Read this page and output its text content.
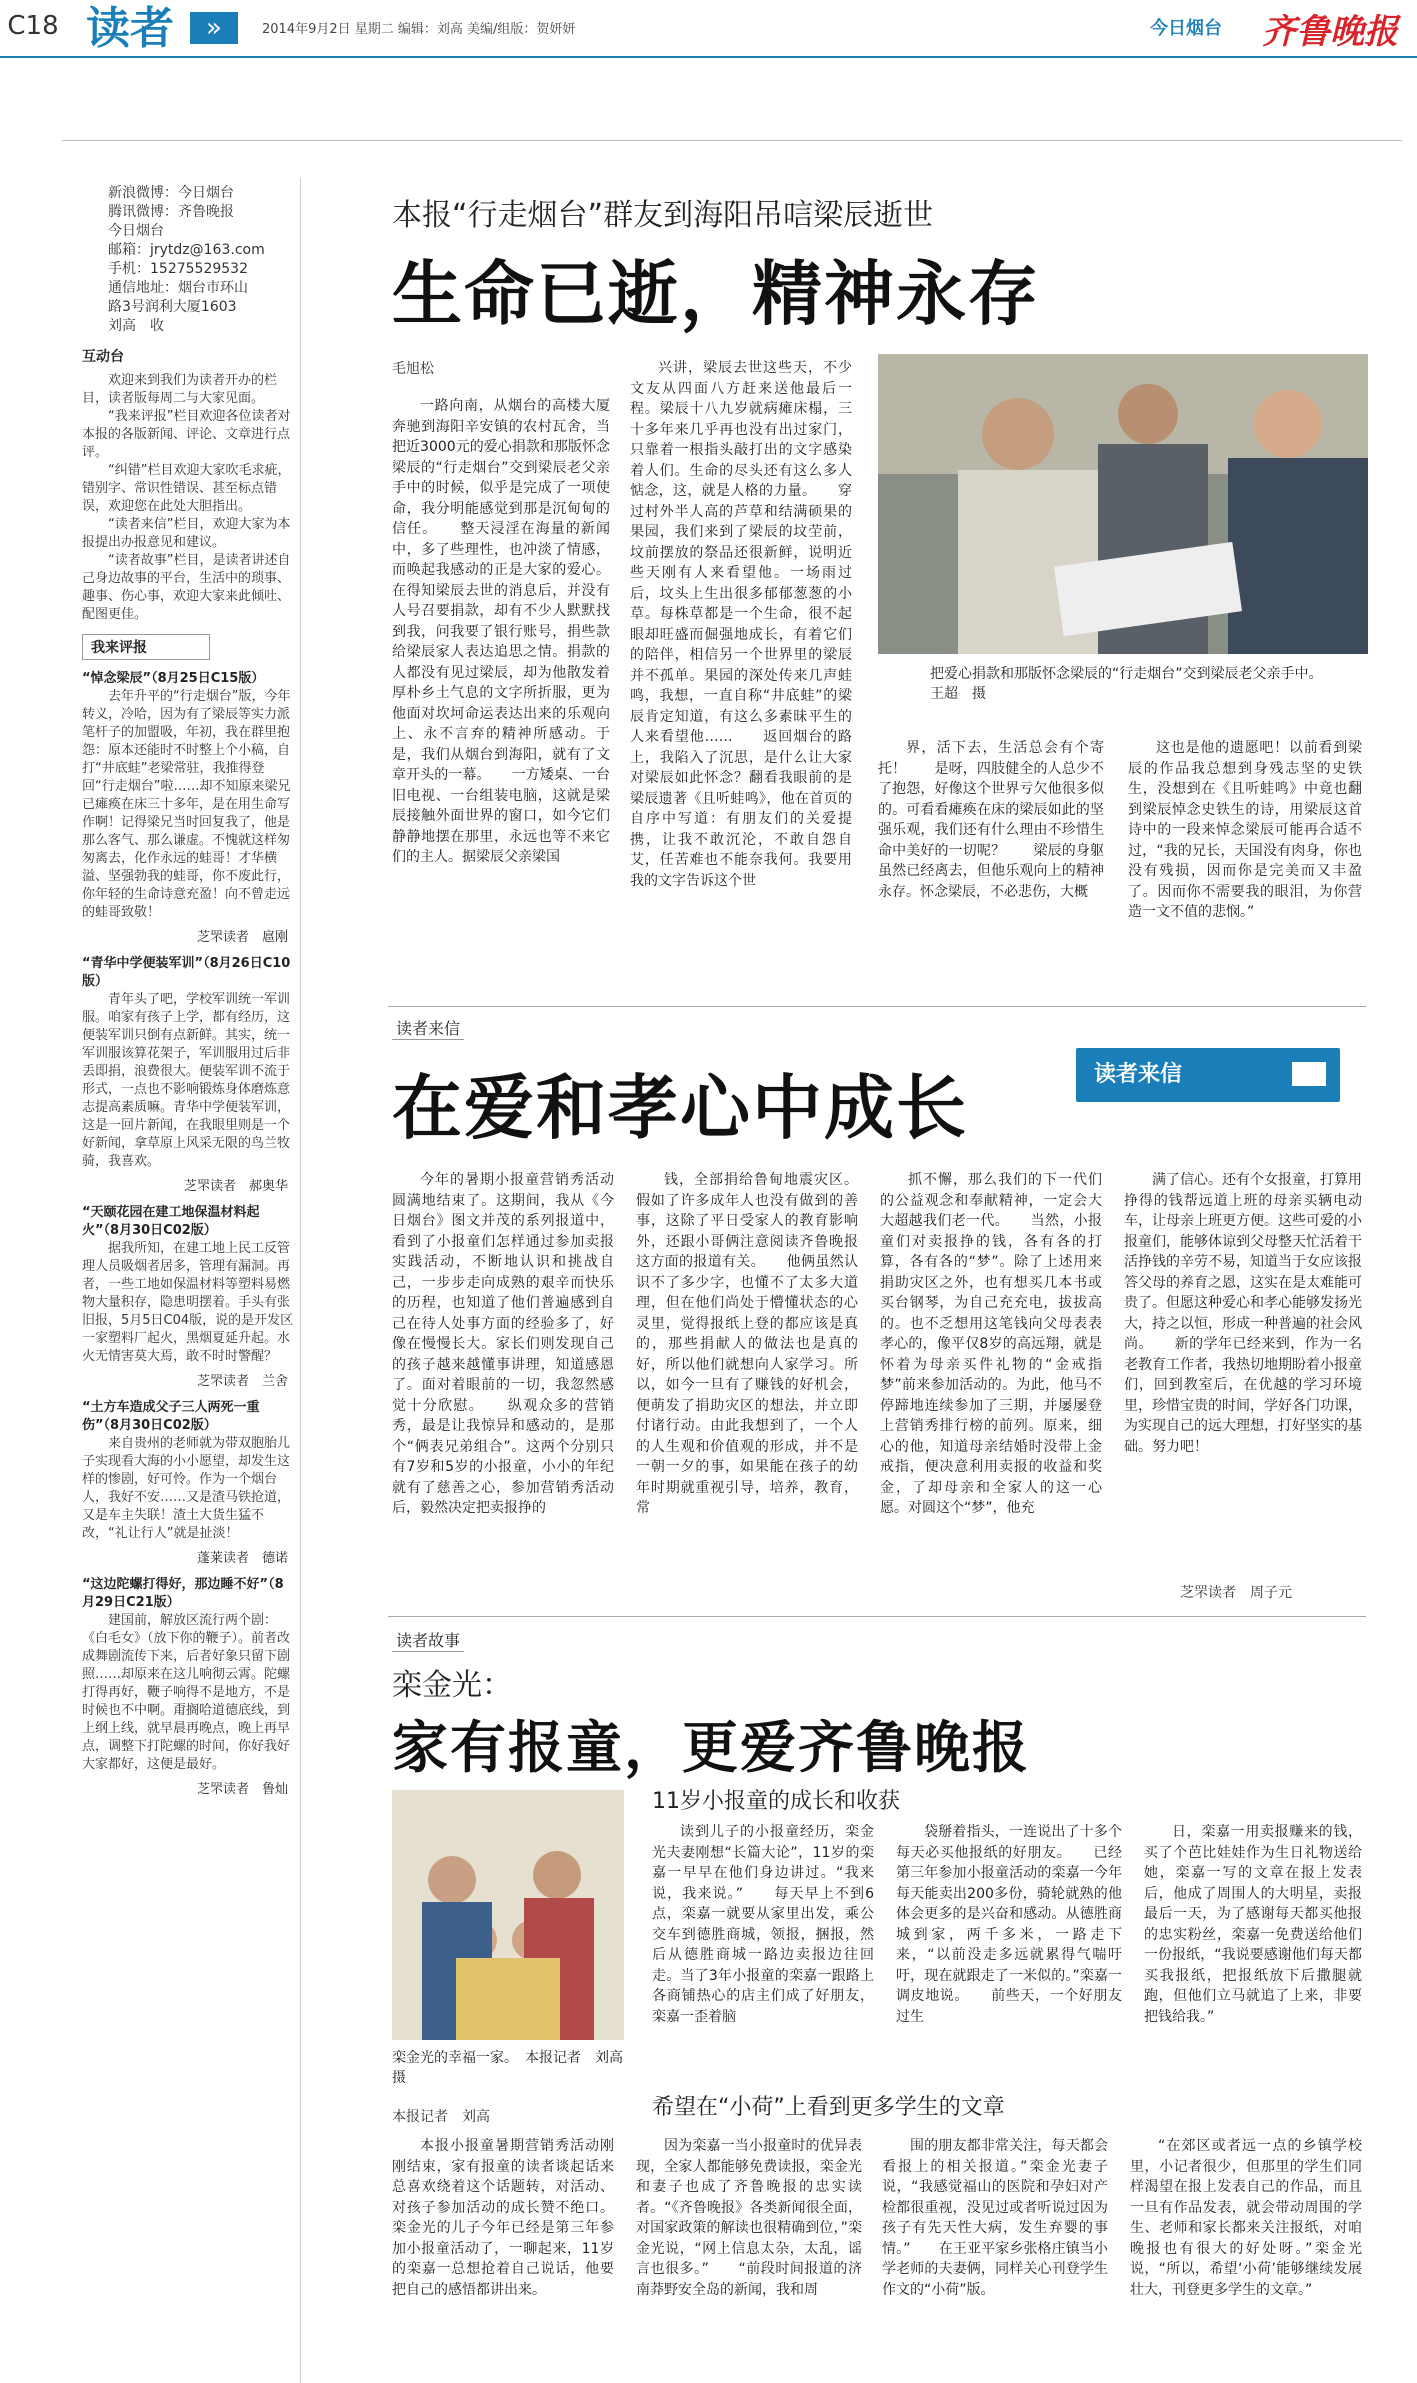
C18 读者	»	2014年9月2日 星期二 编辑：刘高 美编/组版：贺妍妍	今日烟台 齐鲁晚报
新浪微博：今日烟台
腾讯微博：齐鲁晚报
今日烟台
邮箱：jrytdz@163.com
手机：15275529532
通信地址：烟台市环山
路3号润利大厦1603
刘高　收
互动台
欢迎来到我们为读者开办的栏目，读者版每周二与大家见面。
“我来评报”栏目欢迎各位读者对本报的各版新闻、评论、文章进行点评。
“纠错”栏目欢迎大家吹毛求疵，错别字、常识性错误、甚至标点错误，欢迎您在此处大胆指出。
“读者来信”栏目，欢迎大家为本报提出办报意见和建议。
“读者故事”栏目，是读者讲述自己身边故事的平台，生活中的琐事、趣事、伤心事，欢迎大家来此倾吐、配图更佳。
我来评报
“悼念梁辰”（8月25日C15版）
去年升平的“行走烟台”版，今年转义，冷哈，因为有了梁辰等实力派笔杆子的加盟吸，年初，我在群里抱怨：原本还能时不时整上个小稿，自打“井底蛙”老梁常驻，我推得登回“行走烟台”啦……却不知原来梁兄已瘫痪在床三十多年，是在用生命写作啊！记得梁兄当时回复我了，他是那么客气、那么谦虚。不愧就这样匆匆离去，化作永远的蛙哥！才华横溢、坚强勃我的蛙哥，你不废此行，你年轻的生命诗意充盈！向不曾走远的蛙哥致敬！
芝罘读者　扈刚
“青华中学便装军训”（8月26日C10版）
青年头了吧，学校军训统一军训服。咱家有孩子上学，都有经历，这便装军训只倒有点新鲜。其实，统一军训服该算花架子，军训服用过后非丢即捐，浪费很大。便装军训不流于形式，一点也不影响锻炼身体磨炼意志提高素质嘛。青华中学便装军训，这是一回片新闻，在我眼里则是一个好新闻，拿草原上风采无限的鸟兰牧骑，我喜欢。
芝罘读者　郝奥华
“天颐花园在建工地保温材料起火”（8月30日C02版）
据我所知，在建工地上民工反管理人员吸烟者居多，管理有漏洞。再者，一些工地如保温材料等塑料易燃物大量积存，隐患明摆着。手头有张旧报，5月5日C04版，说的是开发区一家塑料厂起火，黑烟夏延升起。水火无情害莫大焉，敢不时时警醒？
芝罘读者　兰舍
“土方车造成父子三人两死一重伤”（8月30日C02版）
来自贵州的老师就为带双胞胎儿子实现看大海的小小愿望，却发生这样的惨剧，好可怜。作为一个烟台人，我好不安……又是渣马铁抢道，又是车主失联！渣土大货生猛不改，“礼让行人”就是扯淡！
蓬莱读者　德诺
“这边陀螺打得好，那边睡不好”（8月29日C21版）
建国前，解放区流行两个剧：《白毛女》（放下你的鞭子）。前者改成舞剧流传下来，后者好象只留下剧照……却原来在这儿响彻云霄。陀螺打得再好，鞭子响得不是地方，不是时候也不中啊。甭搁哈道德底线，到上纲上线，就早晨再晚点，晚上再早点，调整下打陀螺的时间，你好我好大家都好，这便是最好。
芝罘读者　鲁灿
本报“行走烟台”群友到海阳吊唁梁辰逝世
生命已逝，精神永存
毛旭松
一路向南，从烟台的高楼大厦奔驰到海阳辛安镇的农村瓦舍，当把近3000元的爱心捐款和那版怀念梁辰的“行走烟台”交到梁辰老父亲手中的时候，似乎是完成了一项使命，我分明能感觉到那是沉甸甸的信任。　　整天浸淫在海量的新闻中，多了些理性，也冲淡了情感，而唤起我感动的正是大家的爱心。在得知梁辰去世的消息后，并没有人号召要捐款，却有不少人默默找到我，问我要了银行账号，捐些款给梁辰家人表达追思之情。捐款的人都没有见过梁辰，却为他散发着厚朴乡土气息的文字所折服，更为他面对坎坷命运表达出来的乐观向上、永不言弃的精神所感动。于是，我们从烟台到海阳，就有了文章开头的一幕。　　一方矮桌、一台旧电视、一台组装电脑，这就是梁辰接触外面世界的窗口，如今它们静静地摆在那里，永远也等不来它们的主人。据梁辰父亲梁国
兴讲，梁辰去世这些天，不少文友从四面八方赶来送他最后一程。梁辰十八九岁就病瘫床榻，三十多年来几乎再也没有出过家门，只靠着一根指头敲打出的文字感染着人们。生命的尽头还有这么多人惦念，这，就是人格的力量。　　穿过村外半人高的芦草和结满硕果的果园，我们来到了梁辰的坟茔前，坟前摆放的祭品还很新鲜，说明近些天刚有人来看望他。一场雨过后，坟头上生出很多郁郁葱葱的小草。每株草都是一个生命，很不起眼却旺盛而倔强地成长，有着它们的陪伴，相信另一个世界里的梁辰并不孤单。果园的深处传来几声蛙鸣，我想，一直自称“井底蛙”的梁辰肯定知道，有这么多素昧平生的人来看望他……　　返回烟台的路上，我陷入了沉思，是什么让大家对梁辰如此怀念？翻看我眼前的是梁辰遗著《且听蛙鸣》，他在首页的自序中写道：有朋友们的关爱提携，让我不敢沉沦，不敢自怨自艾，任苦难也不能奈我何。我要用我的文字告诉这个世
把爱心捐款和那版怀念梁辰的“行走烟台”交到梁辰老父亲手中。　王超　摄
界，活下去，生活总会有个寄托！　　是呀，四肢健全的人总少不了抱怨，好像这个世界亏欠他很多似的。可看看瘫痪在床的梁辰如此的坚强乐观，我们还有什么理由不珍惜生命中美好的一切呢？　　梁辰的身躯虽然已经离去，但他乐观向上的精神永存。怀念梁辰，不必悲伤，大概
这也是他的遗愿吧！以前看到梁辰的作品我总想到身残志坚的史铁生，没想到在《且听蛙鸣》中竟也翻到梁辰悼念史铁生的诗，用梁辰这首诗中的一段来悼念梁辰可能再合适不过，“我的兄长，天国没有肉身，你也没有残损，因而你是完美而又丰盈了。因而你不需要我的眼泪，为你营造一文不值的悲悯。”
读者来信
在爱和孝心中成长	读者来信
今年的暑期小报童营销秀活动圆满地结束了。这期间，我从《今日烟台》图文并茂的系列报道中，看到了小报童们怎样通过参加卖报实践活动，不断地认识和挑战自己，一步步走向成熟的艰辛而快乐的历程，也知道了他们普遍感到自己在待人处事方面的经验多了，好像在慢慢长大。家长们则发现自己的孩子越来越懂事讲理，知道感恩了。面对着眼前的一切，我忽然感觉十分欣慰。　　纵观众多的营销秀，最是让我惊异和感动的，是那个“俩表兄弟组合”。这两个分别只有7岁和5岁的小报童，小小的年纪就有了慈善之心，参加营销秀活动后，毅然决定把卖报挣的
钱，全部捐给鲁甸地震灾区。假如了许多成年人也没有做到的善事，这除了平日受家人的教育影响外，还跟小哥俩注意阅读齐鲁晚报这方面的报道有关。　　他俩虽然认识不了多少字，也懂不了太多大道理，但在他们尚处于懵懂状态的心灵里，觉得报纸上登的都应该是真的，那些捐献人的做法也是真的好，所以他们就想向人家学习。所以，如今一旦有了赚钱的好机会，便萌发了捐助灾区的想法，并立即付诸行动。由此我想到了，一个人的人生观和价值观的形成，并不是一朝一夕的事，如果能在孩子的幼年时期就重视引导，培养，教育，常
抓不懈，那么我们的下一代们的公益观念和奉献精神，一定会大大超越我们老一代。　　当然，小报童们对卖报挣的钱，各有各的打算，各有各的“梦”。除了上述用来捐助灾区之外，也有想买几本书或买台钢琴，为自己充充电，拔拔高的。也不乏想用这笔钱向父母表表孝心的，像平仅8岁的高远翔，就是怀着为母亲买件礼物的“金戒指梦”前来参加活动的。为此，他马不停蹄地连续参加了三期，并屡屡登上营销秀排行榜的前列。原来，细心的他，知道母亲结婚时没带上金戒指，便决意利用卖报的收益和奖金，了却母亲和全家人的这一心愿。对圆这个“梦”，他充
满了信心。还有个女报童，打算用挣得的钱帮远道上班的母亲买辆电动车，让母亲上班更方便。这些可爱的小报童们，能够体谅到父母整天忙活着干活挣钱的辛劳不易，知道当于女应该报答父母的养育之恩，这实在是太难能可贵了。但愿这种爱心和孝心能够发扬光大，持之以恒，形成一种普遍的社会风尚。　　新的学年已经来到，作为一名老教育工作者，我热切地期盼着小报童们，回到教室后，在优越的学习环境里，珍惜宝贵的时间，学好各门功课，为实现自己的远大理想，打好坚实的基础。努力吧！
芝罘读者　周子元
读者故事
栾金光：
家有报童，更爱齐鲁晚报
11岁小报童的成长和收获
栾金光的幸福一家。　本报记者　刘高　摄
读到儿子的小报童经历，栾金光夫妻刚想“长篇大论”，11岁的栾嘉一早早在他们身边讲过。“我来说，我来说。”　　每天早上不到6点，栾嘉一就要从家里出发，乘公交车到德胜商城，领报，捆报，然后从德胜商城一路边卖报边往回走。当了3年小报童的栾嘉一跟路上各商铺热心的店主们成了好朋友，栾嘉一歪着脑
袋掰着指头，一连说出了十多个每天必买他报纸的好朋友。　　已经第三年参加小报童活动的栾嘉一今年每天能卖出200多份，骑轮就熟的他体会更多的是兴奋和感动。从德胜商城到家，两千多米，一路走下来，“以前没走多远就累得气喘吁吁，现在就跟走了一米似的。”栾嘉一调皮地说。　　前些天，一个好朋友过生
日，栾嘉一用卖报赚来的钱，买了个芭比娃娃作为生日礼物送给她，栾嘉一写的文章在报上发表后，他成了周围人的大明星，卖报最后一天，为了感谢每天都买他报的忠实粉丝，栾嘉一免费送给他们一份报纸，“我说要感谢他们每天都买我报纸，把报纸放下后撒腿就跑，但他们立马就追了上来，非要把钱给我。”
本报记者　刘高	希望在“小荷”上看到更多学生的文章
本报小报童暑期营销秀活动刚刚结束，家有报童的读者谈起话来总喜欢绕着这个话题转，对活动、对孩子参加活动的成长赞不绝口。栾金光的儿子今年已经是第三年参加小报童活动了，一聊起来，11岁的栾嘉一总想抢着自己说话，他要把自己的感悟都讲出来。
因为栾嘉一当小报童时的优异表现，全家人都能够免费读报，栾金光和妻子也成了齐鲁晚报的忠实读者。“《齐鲁晚报》各类新闻很全面，对国家政策的解读也很精确到位，”栾金光说，“网上信息太杂，太乱，谣言也很多。”　　“前段时间报道的济南莽野安全岛的新闻，我和周
围的朋友都非常关注，每天都会看报上的相关报道。”栾金光妻子说，“我感觉福山的医院和孕妇对产检都很重视，没见过或者听说过因为孩子有先天性大病，发生弃婴的事情。”　　在王亚平家乡张格庄镇当小学老师的夫妻俩，同样关心刊登学生作文的“小荷”版。
“在郊区或者远一点的乡镇学校里，小记者很少，但那里的学生们同样渴望在报上发表自己的作品，而且一旦有作品发表，就会带动周围的学生、老师和家长都来关注报纸，对咱晚报也有很大的好处呀。”栾金光说，“所以，希望‘小荷’能够继续发展壮大，刊登更多学生的文章。”
